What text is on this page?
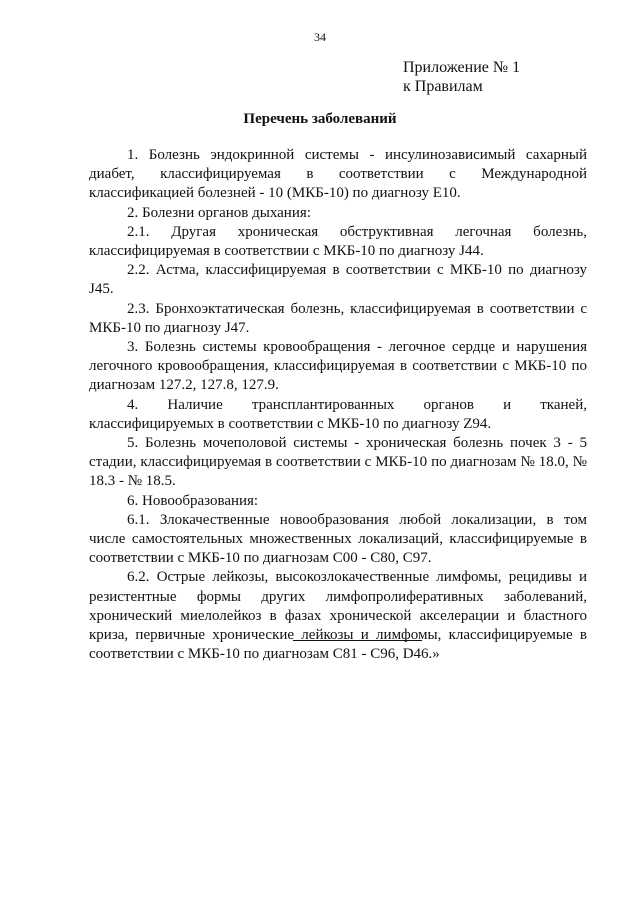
34
Приложение № 1
к Правилам
Перечень заболеваний

1. Болезнь эндокринной системы - инсулинозависимый сахарный диабет, классифицируемая в соответствии с Международной классификацией болезней - 10 (МКБ-10) по диагнозу E10.

2. Болезни органов дыхания:

2.1. Другая хроническая обструктивная легочная болезнь, классифицируемая в соответствии с МКБ-10 по диагнозу J44.

2.2. Астма, классифицируемая в соответствии с МКБ-10 по диагнозу J45.

2.3. Бронхоэктатическая болезнь, классифицируемая в соответствии с МКБ-10 по диагнозу J47.

3. Болезнь системы кровообращения - легочное сердце и нарушения легочного кровообращения, классифицируемая в соответствии с МКБ-10 по диагнозам 127.2, 127.8, 127.9.

4. Наличие трансплантированных органов и тканей, классифицируемых в соответствии с МКБ-10 по диагнозу Z94.

5. Болезнь мочеполовой системы - хроническая болезнь почек 3 - 5 стадии, классифицируемая в соответствии с МКБ-10 по диагнозам № 18.0, № 18.3 - № 18.5.

6. Новообразования:

6.1. Злокачественные новообразования любой локализации, в том числе самостоятельных множественных локализаций, классифицируемые в соответствии с МКБ-10 по диагнозам C00 - C80, C97.

6.2. Острые лейкозы, высокозлокачественные лимфомы, рецидивы и резистентные формы других лимфопролиферативных заболеваний, хронический миелолейкоз в фазах хронической акселерации и бластного криза, первичные хронические лейкозы и лимфомы, классифицируемые в соответствии с МКБ-10 по диагнозам C81 - C96, D46.»
